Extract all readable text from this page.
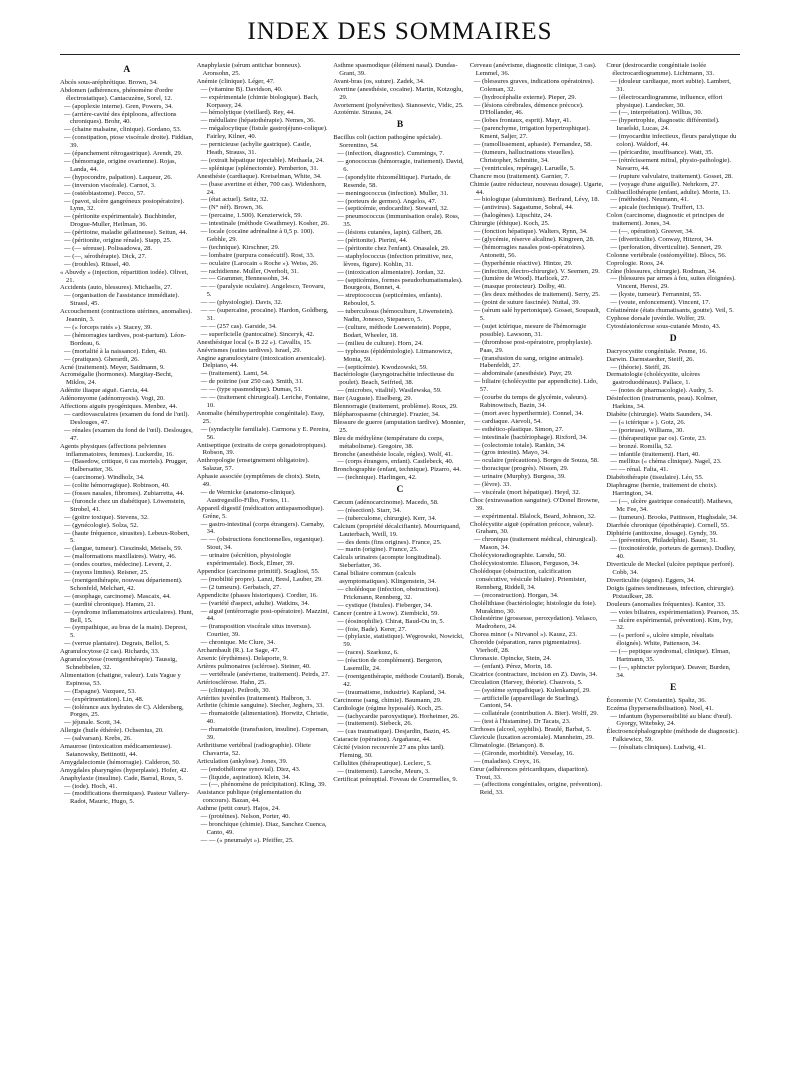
INDEX DES SOMMAIRES
A

Abcès sous-aréphrétique. Brown, 34.

Abdomen (adhérences, phénomène d'ordre électrostatique). Cantacuzène, Sorel, 12.

— (apoplexie interne). Gren, Powers, 34.

— (arrière-cavité des épiploons, affections chroniques). Brohr, 40.

— (chaine malsaine, clinique). Gordano, 53.

— (constipation, ptose viscérale droite). Fiddian, 39.

— (épanchement rétrogastrique). Arendt, 29.

— (hémorragie, origine ovarienne). Rojas, Landa, 44.

— (hypocondre, palpation). Laqueur, 26.

— (inversion viscérale). Carnot, 3.

— (ostéobiastome). Pecco, 57.

— (pavot, ulcère gangréneux postopératoire). Lynn, 32.

— (péritonite expérimentale). Buchbinder, Drogue-Muller, Heilman, 36.

— (péritoine, maladie gélatineuse). Seitun, 44.

— (péritonite, origine rénale). Stapp, 25.

— (— séreuse). Polissadowa, 28.

— (—, sérothérapie). Dick, 27.

— (troubles). Rüssel, 40.

« Abuvdy » (injection, répartition iodée). Olivet, 21.

Accidents (auto, blessures). Michaelis, 27.

— (organisation de l'assistance immédiate). Strassl, 45.

Accouchement (contractions utérines, anomalies). Jeannin, 3.

— (« forceps ratés »). Stacey, 39.

— (hémorragies tardives, post-partum). Léon-Bordeau, 6.

— (mortalité à la naissance). Eden, 40.

— (pratiques). Gherardi, 26.

Acné (traitement). Meyer, Saidmann, 9.

Acromégalie (hormones). Margitay-Becht, Miklos, 24.

Adénite iliaque aiguë. Garcia, 44.

Adénomyome (adénomyosis). Vogt, 20.

Affections aiguës pyogéniques. Menbez, 44.

— cardiovasculaires (examen du fond de l'œil). Deslouges, 47.

— rénales (examen du fond de l'œil). Deslouges, 47.

Agents physiques (affections pelviennes inflammatoires, femmes). Luckerdie, 16.

— (Basedow, critique, 6 cas mortels). Prugger, Halbersatter, 36.

— (carcinome). Windholz, 34.

— (colite hémorragique). Robinson, 40.

— (fosses nasales, fibromes). Zubiarretta, 44.

— (furoncle chez un diabétique). Löwenstein, Strobel, 41.

— (goitre toxique). Stevens, 32.

— (gynécologie). Solza, 52.

— (haute fréquence, sinusites). Lebeux-Robert, 5.

— (langue, tumeur). Cieszinski, Meisels, 59.

— (malformations maxillaires). Watry, 46.

— (ondes courtes, médecine). Levent, 2.

— (rayons limites). Reisner, 25.

— (roentgenthérapie, nouveau département). Schonfeld, Melchart, 42.

— (œsophage, carcinome). Mascaix, 44.

— (surdité chronique). Hamm, 21.

— (syndrome inflammatoires articulaires). Hunt, Bell, 15.

— (sympathique, au bras de la main). Deprest, 5.

— (verrue plantaire). Degrais, Bellot, 5.

Agranulocytose (2 cas). Richards, 33.

Agranulocytose (roentgenthérapie). Taussig, Schnebbelen, 32.

Alimentation (chatigne, valeur). Luis Yague y Espinosa, 53.

— (Espagne). Vazquez, 53.

— (expérimentation). Lin, 48.

— (tolérance aux hydrates de C). Aldersberg, Porges, 25.

— jéjunale. Scott, 34.

Allergie (huile éthérée). Ochsenius, 20.

— (salvarsan). Krebs, 26.

Amaurose (intoxication médicamenteuse). Satanowsky, Bettinotti, 44.

Amygdalectomie (hémorragie). Calderon, 50.

Amygdales pharyngées (hyperplasie). Hofer, 42.

Anaphylaxie (insuline). Cade, Barral, Roux, 5.

— (iode). Hoch, 41.

— (modifications thermiques). Pasteur Vallery-Radot, Mauric, Hugo, 5.

Anaphylaxie (sérum antichar bonneux). Aronsohn, 25.

Anémie (clinique). Léger, 47.

— (vitamine B). Davidson, 40.

— expérimentale (chimie biologique). Bach, Korpassy, 24.

— hémolytique (vieillard). Rey, 44.

— médullaire (hépatothérapie). Nemes, 36.

— mégalocytique (fistule gastrojéjuno-colique). Fairley, Kilner, 40.

— pernicieuse (achylie gastrique). Castle, Heath, Strauss, 31.

— (extrait hépatique injectable). Methaela, 24.

— splénique (splénectomie). Pemberton, 31.

Anesthésie (cardiaque). Kreiselman, White, 34.

— (base avertine et éther, 700 cas). Widenhorn, 24.

— (état actuel). Seitz, 32.

— (N° néf). Brown, 36.

— (percaine, 1.500). Kenzierwick, 59.

— intestinale (méthode Gwathmey). Kosher, 26.

— locale (cocaïne adrénaline à 0,5 p. 100). Gebhle, 29.

— (technique). Kirschner, 29.

— lombaire (purpura consécutif). Rost, 33.

— oculaire (Larocain « Roche »). Weiss, 26.

— rachidienne. Muller, Overholt, 31.

— — Grammer, Hennessohn, 34.

— — (paralysie oculaire). Angelesco, Teovaru, 5.

— — (physiologie). Davis, 32.

— — (supercaïne, procaïne). Hardon, Goldberg, 31.

— — (257 cas). Garside, 34.

— superficielle (pantocaïne). Sinceryk, 42.

Anesthésique local (« B 22 »). Cavallis, 15.

Anévrismes (suites tardives). Israel, 29.

Angine agranulocytaire (intoxication arsenicale). Delpiano, 44.

— (traitement). Lami, 54.

— de poitrine (sur 250 cas). Smith, 31.

— — (type spasmodique). Dumas, 51.

— — (traitement chirurgical). Leriche, Fontaine, 10.

Anomalie (hémihypertrophie congénitale). Essy, 25.

— (syndactylie familiale). Carmona y E. Pereira, 56.

Antiseptique (extraits de corps gonadotropiques). Robson, 39.

Anthropologie (enseignement obligatoire). Salazar, 57.

Aphasie associée (symptômes de choix). Stein, 49.

— de Wernicke (anatomo-clinique). Austregesillo-Filho, Fortes, 11.

Appareil digestif (médication antispasmodique). Gréne, 5.

— gastro-intestinal (corps étrangers). Carnaby, 34.

— — (obstructions fonctionnelles, organique). Stout, 34.

— urinaire (sécrétion, physiologie expérimentale). Bock, Elmer, 39.

Appendice (carcinome primitif). Scagliosi, 55.

— (mobilité propre). Lanzi, Bresl, Lauber, 29.

— (2 tumeurs). Gerbatsch, 27.

Appendicite (phases historiques). Cordier, 16.

— (variété d'aspect, adulte). Watkins, 34.

— aiguë (entérorragie post-opératoire). Mazzini, 44.

— (transposition viscérale situs inversus). Courtier, 39.

— chronique. Mc Clure, 34.

Archambault (R.). Le Sage, 47.

Arsenic (érythèmes). Delaporte, 9.

Artères pulmonaires (sclérose). Steiner, 40.

— vertébrale (anévrisme, traitement). Peirds, 27.

Artériosclérose. Hahn, 25.

— (clinique). Peilroth, 30.

Artérites juvéniles (traitement). Halbron, 3.

Arthrite (chimie sanguine). Stecher, Jeghers, 33.

— rhumatoïde (alimentation). Horwitz, Christie, 40.

— rhumatoïde (transfusion, insuline). Copeman, 39.

Arthritisme vertébral (radiographie). Oliete Chavarria, 52.

Articulation (ankylose). Jones, 39.

— (endothéliome synovial). Diez, 43.

— (liquide, aspiration). Klein, 34.

— (—, phénomène de précipitation). Kling, 39.

Assistance publique (réglementation du concours). Bazan, 44.

Asthme (petit cœur). Hajos, 24.

— (protéines). Nelson, Porter, 40.

— bronchique (chimie). Diaz, Sanchez Cuenca, Canto, 49.

— — (« pneumalyt »). Pfeiffer, 25.

Asthme spasmodique (élément nasal). Dundas-Grant, 39.

Avant-bras (os, suture). Zadek, 34.

Avertine (anesthésie, cocaïne). Martin, Kotzoglu, 29.

Avortement (polynévrites). Stanosevic, Vidic, 25.

Azotémie. Strauss, 24.

B

Bacillus coli (action pathogène spéciale). Sorrentino, 54.

— (infection, diagnostic). Cummings, 7.

— gonococcus (hémorragie, traitement). David, 6.

— (spondylite rhizomélitique). Furtado, de Resende, 58.

— meningococcus (infection). Muller, 31.

— (porteurs de germes). Angelos, 47.

— (septicémie, endocardite). Steward, 32.

— pneumococcus (immunisation orale). Ross, 35.

— (lésions cutanées, lapin). Gilbert, 28.

— (péritonite). Pierini, 44.

— (péritonite chez l'enfant). Onasalek, 29.

— staphylococcus (infection primitive, nez, lèvres, figure). Kohlin, 31.

— (intoxication alimentaire). Jordan, 32.

— (septicémies, formes pseudorhumatismales). Bourgeois, Bonnet, 4.

— streptococcus (septicémies, enfants). Reboulot, 5.

— tuberculosus (hémoculture, Löwenstein). Nadin, Jonesco, Stepaneco, 5.

— (culture, méthode Loewenstein). Poppe, Bodart, Wheeler, 18.

— (milieu de culture). Horn, 24.

— typhosus (épidémiologie). Litmanowicz, Monta, 59.

— (septicémie). Kwodzowski, 59.

Bactériologie (laryngotrachéite infectieuse du poulet). Beach, Seifried, 38.

— (microbes, vitalité). Wasilewska, 59.

Bier (Auguste). Eiselberg, 29.

Blennorragie (traitement, problème). Roux, 29.

Blépharospasme (chirurgie). Frazier, 34.

Blessure de guerre (amputation tardive). Monnier, 25.

Bleu de méthylène (température du corps, métabolisme). Gregoire, 38.

Bronche (anesthésie locale, régles). Wolf, 41.

— (corps étrangers, enfant). Castlebeck, 40.

Bronchographie (enfant, technique). Pizarro, 44.

— (technique). Harlingen, 42.

C

Cæcum (adénocarcinome). Macedo, 58.

— (résection). Starr, 34.

— (tuberculome, chirurgie). Kerr, 34.

Calcium (propriété décalcifiante). Mourriquand, Lauterbach, Weill, 19.

— des dents (fins origines). France, 25.

— marin (origine). France, 25.

Calculs urinaires (acompte longitudinal). Sieberfatter, 36.

Canal biliaire commun (calculs asymptomatiques). Klingenstein, 34.

— cholédoque (infection, obstruction). Frickmann, Rennberg, 32.

— cystique (fistules). Fieberger, 34.

Cancer (centre à Lwow). Ziembicki, 59.

— (éosinophilie). Chirat, Baud-Ou in, 5.

— (foie, Bade). Kerer, 27.

— (phylaxie, statistique). Węgrowski, Nowicki, 59.

— (races). Szarkusz, 6.

— (réaction de complément). Bergeron, Lasemillz, 24.

— (roentgenthérapie, méthode Coutard). Borak, 42.

— (traumatisme, industrie). Kapland, 34.

Carcinome (sang, chimie). Baumann, 29.

Cardiologie (régime hyposalé). Koch, 25.

— (tachycardie paroxystique). Horheimer, 26.

— (traitement). Siebeck, 26.

— (cas traumatique). Desjardin, Bazin, 45.

Cataracte (opération). Argañaraz, 44.

Cécité (vision recouvrée 27 ans plus tard). Fleming, 30.

Cellulites (thérapeutique). Leclerc, 5.

— (traitement). Laroche, Meurs, 3.

Certificat prénuptial. Foveau de Courmelles, 9.

Cerveau (anévrisme, diagnostic clinique, 3 cas). Lemmel, 36.

— (blessures graves, indications opératoires). Coleman, 32.

— (hydrocéphalie externe). Pieper, 29.

— (lésions cérébrales, démence précoce). D'Hollander, 46.

— (lobes frontaux, esprit). Mayr, 41.

— (parenchyme, irrigation hypertrophique). Kment, Saljer, 27.

— (ramollissement, aphasie). Fernandez, 58.

— (tumeurs, hallucinations visuelles). Christopher, Schmitte, 34.

— (ventricules, repérage). Laruelle, 5.

Chancre mou (traitement). Garnier, 7.

Chimie (autre réducteur, nouveau dosage). Ugarte, 44.

— biologique (aluminium). Berlrand, Lévy, 18.

— (antivirus). Sagastume, Sobral, 44.

— (halogènes). Lipschitz, 24.

Chirurgie (éthique). Koch, 25.

— (fonction hépatique). Walters, Rynn, 34.

— (glycémie, réserve alcaline). Kingreen, 28.

— (hémorragies nasales post-opératoires). Antonetti, 56.

— (hyperhémie réactive). Hintze, 29.

— (infection, électro-chirurgie). V. Seemen, 29.

— (lumière de Wood). Harlicek, 27.

— (masque protecteur). Dolby, 40.

— (les deux méthodes de traitement). Serry, 25.

— (point de suture fascinée). Nuttal, 39.

— (sérum salé hypertonique). Gosset, Soupault, 5.

— (sujet ictérique, mesure de l'hémorragie possible). Lawsonn, 31.

— (thrombose post-opératoire, prophylaxie). Paas, 29.

— (transfusion du sang, origine animale). Habenfeldt, 27.

— abdominale (anesthésie). Payr, 29.

— biliaire (cholécystite par appendicite). Lido, 57.

— (courbe du temps de glycémie, valeurs). Rabinowitsch, Bazin, 34.

— (mort avec hyperthermie). Connel, 34.

— cardiaque. Aievoli, 54.

— esthético-plastique. Simon, 27.

— intestinale (bactériophage). Rixford, 34.

— (colectomie totale). Rankin, 34.

— (gros intestin). Mayo, 34.

— oculaire (précautions). Borges de Souza, 58.

— thoracique (progrès). Nissen, 29.

— urinaire (Murphy). Burgess, 39.

— (lèvre). 33.

— viscérale (mort hépatique). Heyd, 32.

Choc (extravasation sanguine). O'Donel Browne, 39.

— expérimental. Blalock, Beard, Johnson, 32.

Cholécystite aiguë (opération précoce, valeur). Graham, 30.

— chronique (traitement médical, chirurgical). Mason, 34.

Cholécystoradiographie. Larsdu, 50.

Cholécystostomie. Eliason, Ferguson, 34.

Cholédoque (obstruction, calcification consécutive, vésicule biliaire). Priemister, Rennberg, Riddell, 34.

— (reconstruction). Horgan, 34.

Cholélithiase (bactériologie; histologie du foie). Murakimo, 30.

Cholestérine (grossesse, peroxydation). Velasco, Madroñero, 24.

Chorea minor (« Nirvanol »). Kausz, 23.

Choroïde (séparation, rares pigmentaires). Vierhoff, 28.

Chronaxie. Opincke, Stein, 24.

— (enfant). Pérez, Morin, 18.

Cicatrice (contracture, incision en Z). Davis, 34.

Circulation (Harvey, théorie). Chauvois, 5.

— (système sympathique). Kulenkampf, 29.

— artificielle (appareillage de Starling). Cantoni, 54.

— collatérale (contribution A. Bier). Wolff, 29.

— (test à l'histamine). Dr Tacats, 23.

Cirrhoses (alcool, syphilis). Braulé, Barbat, 5.

Clavicule (luxation acromiale). Mannheim, 29.

Climatologie. (Briançon). 8.

— (Gironde, morbidité). Verselay, 16.

— (maladies). Creyx, 16.

Cœur (adhérences péricardiques, diapariton). Trout, 33.

— (affections congénitales, origine, prévention). Reid, 33.

Cœur (destrocardie congénitale isolée électrocardiogramme). Lichtmann, 33.

— (douleur cardiaque, mort subite). Lambert, 31.

— (électrocardiogramme, influence, effort physique). Landecker, 30.

— (—, interprétation). Willius, 30.

— (hypertrophie, diagnostic différentiel). Israelski, Lucas, 24.

— (myocardite infectieux, fleurs paralytique du colon). Waldorf, 44.

— (péricardite, insuffisance). Watt, 35.

— (rétrécissement mitral, physio-pathologie). Navarro, 44.

— (rupture valvulaire, traitement). Gosset, 28.

— (voyage d'une aiguille). Nehrkorn, 27.

Colibacillothérapie (enfant, adulte). Morin, 13.

— (méthodes). Neumann, 41.

— apicale (technique). Truffert, 13.

Colon (carcinome, diagnostic et principes de traitement). Jones, 34.

— (—, opération). Greever, 34.

— (diverticulite). Conway, Hitzrot, 34.

— (perforation, diverticulite). Sennert, 29.

Colonne vertébrale (ostéomyélite). Blocs, 56.

Coprologie. Roos, 24.

Crâne (blessures, chirurgie). Rodman, 34.

— (blessures par armes à feu, suites éloignées). Vincent, Heresi, 29.

— (kyste, tumeur). Ferrannini, 55.

— (voute, enfoncement). Vincent, 17.

Créatinémie (états rhumatisants, goutte). Veil, 5.

Cyphose dorsale juvénile. Wolfer, 29.

Cytostéatonécrose sous-cutanée Mosto, 43.

D

Dacryocystite congénitale. Pesme, 16.

Darwin. Darmstaedter, Steiff, 26.

— (théorie). Steiff, 26.

Dermatologie (cholécystite, ulcères gastroduodénaux). Pallace, 1.

— (notes de pharmacologie). Audry, 5.

Désinfection (instruments, peau). Kolmer, Harkins, 34.

Diabète (chirurgie). Watts Saunders, 34.

— (« ictérique » ). Gotz, 26.

— (porteuse). Williams, 30.

— (thérapeutique par os). Grote, 23.

— bronzé. Romilla, 52.

— infantile (traitement). Hart, 40.

— mellitus (« chéma clinique). Nagel, 23.

— — rénal. Falta, 41.

Diabétothérapie (tissulaire). Léo, 55.

Diaphragme (hernie, traitement de choix). Harrington, 34.

— (—, ulcère gastrique consécutif). Mathews, Mc Fee, 34.

— (tumeurs). Brooks, Pattinson, Hughsdale, 34.

Diarrhée chronique (épothérapie). Cornell, 55.

Diphtérie (antitoxine, dosage). Gyndy, 39.

— (prévention, Philadelphie). Bauer, 31.

— (toxinotéroïde, porteurs de germes). Dudley, 40.

Diverticule de Meckel (ulcère peptique perforé). Cobb, 34.

Diverticulite (signes). Eggers, 34.

Doigts (gaines tendineuses, infection, chirurgie). Pixtaulkser, 28.

Douleurs (anomalies fréquentes). Kantor, 33.

— voies biliaires, expérimentation). Pearson, 35.

— ulcère expérimental, prévention). Kim, Ivy, 32.

— (« perforé », ulcère simple, résultats éloignés). White, Pattenson, 34.

— (— peptique syndromal, clinique). Elman, Hartmann, 35.

— (—, sphincter pylorique). Deaver, Burden, 34.

E

Économie (V. Constantin). Spaltz, 36.

Eczéma (hypersensibilisation). Noel, 41.

— infantum (hypersensibilité au blanc d'œuf). Gyorgy, Witebsky, 24.

Électroencéphalographie (méthode de diagnostic). Falkiewicz, 59.

— (résultats cliniques). Ludwig, 41.
